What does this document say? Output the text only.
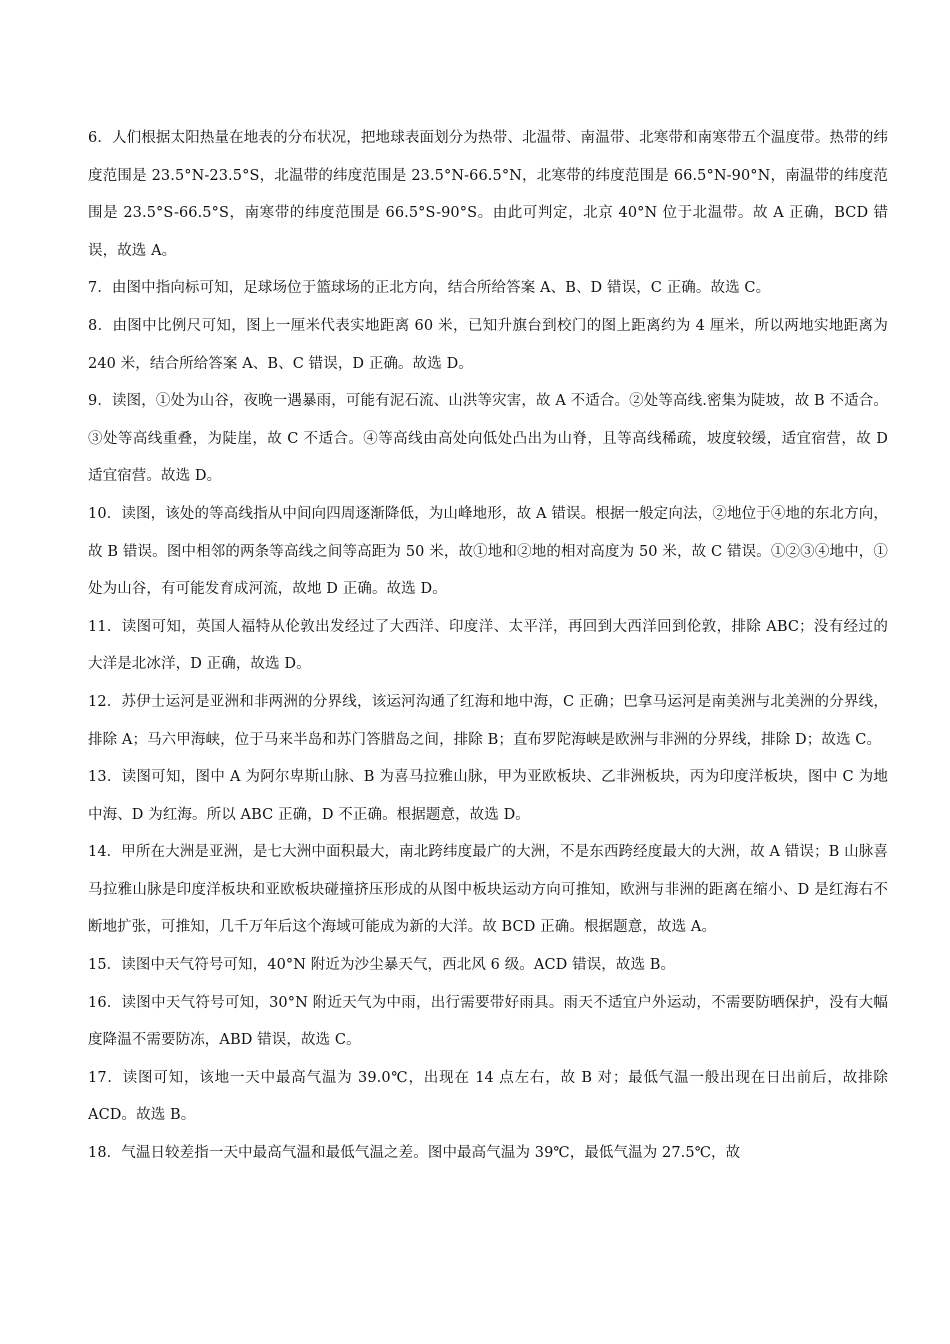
6．人们根据太阳热量在地表的分布状况，把地球表面划分为热带、北温带、南温带、北寒带和南寒带五个温度带。热带的纬度范围是 23.5°N-23.5°S，北温带的纬度范围是 23.5°N-66.5°N，北寒带的纬度范围是 66.5°N-90°N，南温带的纬度范围是 23.5°S-66.5°S，南寒带的纬度范围是 66.5°S-90°S。由此可判定，北京 40°N 位于北温带。故 A 正确，BCD 错误，故选 A。

7．由图中指向标可知，足球场位于篮球场的正北方向，结合所给答案 A、B、D 错误，C 正确。故选 C。

8．由图中比例尺可知，图上一厘米代表实地距离 60 米，已知升旗台到校门的图上距离约为 4 厘米，所以两地实地距离为 240 米，结合所给答案 A、B、C 错误，D 正确。故选 D。

9．读图，①处为山谷，夜晚一遇暴雨，可能有泥石流、山洪等灾害，故 A 不适合。②处等高线.密集为陡坡，故 B 不适合。③处等高线重叠，为陡崖，故 C 不适合。④等高线由高处向低处凸出为山脊，且等高线稀疏，坡度较缓，适宜宿营，故 D 适宜宿营。故选 D。

10．读图，该处的等高线指从中间向四周逐渐降低，为山峰地形，故 A 错误。根据一般定向法，②地位于④地的东北方向，故 B 错误。图中相邻的两条等高线之间等高距为 50 米，故①地和②地的相对高度为 50 米，故 C 错误。①②③④地中，①处为山谷，有可能发育成河流，故地 D 正确。故选 D。

11．读图可知，英国人福特从伦敦出发经过了大西洋、印度洋、太平洋，再回到大西洋回到伦敦，排除 ABC；没有经过的大洋是北冰洋，D 正确，故选 D。

12．苏伊士运河是亚洲和非两洲的分界线，该运河沟通了红海和地中海，C 正确；巴拿马运河是南美洲与北美洲的分界线，排除 A；马六甲海峡，位于马来半岛和苏门答腊岛之间，排除 B；直布罗陀海峡是欧洲与非洲的分界线，排除 D；故选 C。

13．读图可知，图中 A 为阿尔卑斯山脉、B 为喜马拉雅山脉，甲为亚欧板块、乙非洲板块，丙为印度洋板块，图中 C 为地中海、D 为红海。所以 ABC 正确，D 不正确。根据题意，故选 D。

14．甲所在大洲是亚洲，是七大洲中面积最大，南北跨纬度最广的大洲，不是东西跨经度最大的大洲，故 A 错误；B 山脉喜马拉雅山脉是印度洋板块和亚欧板块碰撞挤压形成的从图中板块运动方向可推知，欧洲与非洲的距离在缩小、D 是红海右不断地扩张，可推知，几千万年后这个海域可能成为新的大洋。故 BCD 正确。根据题意，故选 A。

15．读图中天气符号可知，40°N 附近为沙尘暴天气，西北风 6 级。ACD 错误，故选 B。

16．读图中天气符号可知，30°N 附近天气为中雨，出行需要带好雨具。雨天不适宜户外运动，不需要防晒保护，没有大幅度降温不需要防冻，ABD 错误，故选 C。

17．读图可知，该地一天中最高气温为 39.0℃，出现在 14 点左右，故 B 对；最低气温一般出现在日出前后，故排除 ACD。故选 B。

18．气温日较差指一天中最高气温和最低气温之差。图中最高气温为 39℃，最低气温为 27.5℃，故
